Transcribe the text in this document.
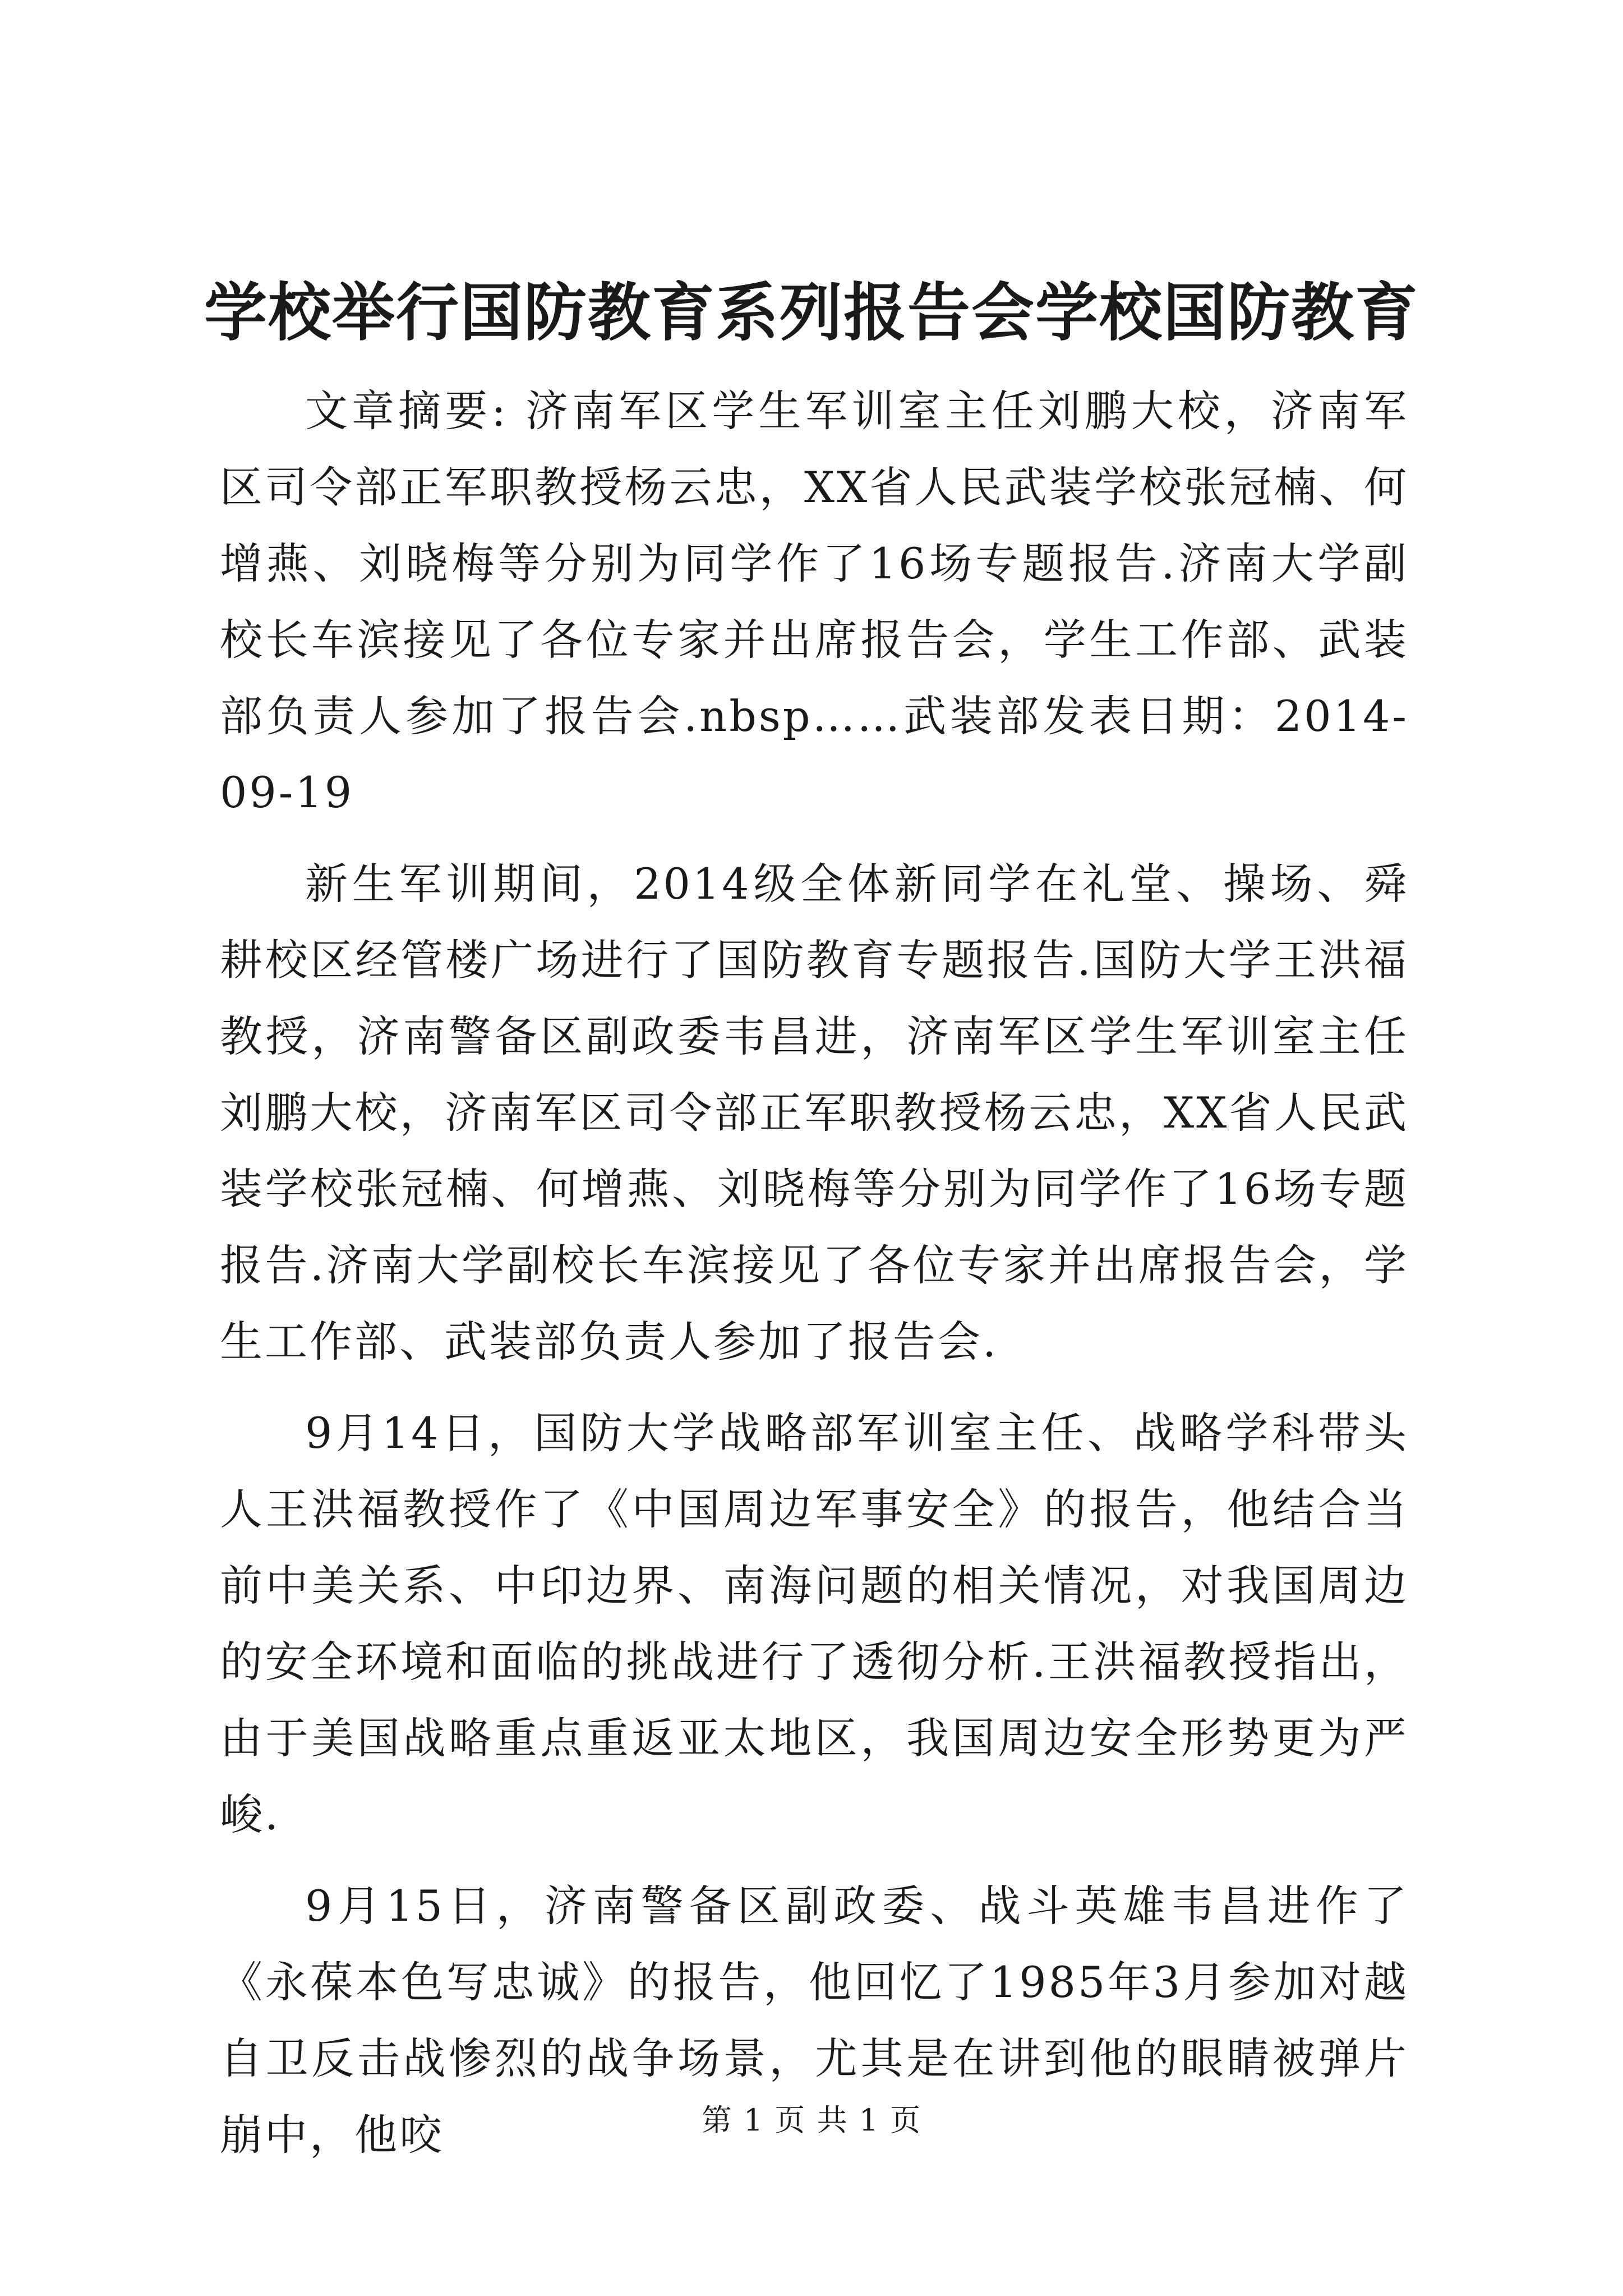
学校举行国防教育系列报告会学校国防教育

文章摘要: 济南军区学生军训室主任刘鹏大校，济南军区司令部正军职教授杨云忠，XX省人民武装学校张冠楠、何增燕、刘晓梅等分别为同学作了16场专题报告.济南大学副校长车滨接见了各位专家并出席报告会，学生工作部、武装部负责人参加了报告会.nbsp……武装部发表日期：2014-09-19

新生军训期间，2014级全体新同学在礼堂、操场、舜耕校区经管楼广场进行了国防教育专题报告.国防大学王洪福教授，济南警备区副政委韦昌进，济南军区学生军训室主任刘鹏大校，济南军区司令部正军职教授杨云忠，XX省人民武装学校张冠楠、何增燕、刘晓梅等分别为同学作了16场专题报告.济南大学副校长车滨接见了各位专家并出席报告会，学生工作部、武装部负责人参加了报告会.

9月14日，国防大学战略部军训室主任、战略学科带头人王洪福教授作了《中国周边军事安全》的报告，他结合当前中美关系、中印边界、南海问题的相关情况，对我国周边的安全环境和面临的挑战进行了透彻分析.王洪福教授指出，由于美国战略重点重返亚太地区，我国周边安全形势更为严峻.

9月15日，济南警备区副政委、战斗英雄韦昌进作了《永葆本色写忠诚》的报告，他回忆了1985年3月参加对越自卫反击战惨烈的战争场景，尤其是在讲到他的眼睛被弹片崩中，他咬	第 1 页 共 1 页
